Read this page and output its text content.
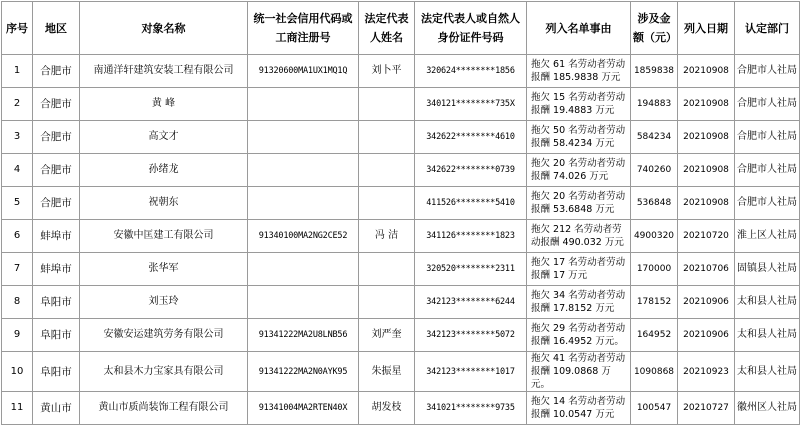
序号	地区	对象名称	统一社会信用代码或工商注册号	法定代表人姓名	法定代表人或自然人身份证件号码	列入名单事由	涉及金额（元）	列入日期	认定部门
1	合肥市	南通洋轩建筑安装工程有限公司	91320600MA1UX1MQ1Q	刘卜平	320624********1856	拖欠 61 名劳动者劳动报酬 185.9838 万元	1859838	20210908	合肥市人社局
2	合肥市	黄 峰			340121********735X	拖欠 15 名劳动者劳动报酬 19.4883 万元	194883	20210908	合肥市人社局
3	合肥市	高文才			342622********4610	拖欠 50 名劳动者劳动报酬 58.4234 万元	584234	20210908	合肥市人社局
4	合肥市	孙绪龙			342622********0739	拖欠 20 名劳动者劳动报酬 74.026 万元	740260	20210908	合肥市人社局
5	合肥市	祝朝东			411526********5410	拖欠 20 名劳动者劳动报酬 53.6848 万元	536848	20210908	合肥市人社局
6	蚌埠市	安徽中匡建工有限公司	91340100MA2NG2CE52	冯 洁	341126********1823	拖欠 212 名劳动者劳动报酬 490.032 万元	4900320	20210720	淮上区人社局
7	蚌埠市	张华军			320520********2311	拖欠 17 名劳动者劳动报酬 17 万元	170000	20210706	固镇县人社局
8	阜阳市	刘玉玲			342123********6244	拖欠 34 名劳动者劳动报酬 17.8152 万元	178152	20210906	太和县人社局
9	阜阳市	安徽安运建筑劳务有限公司	91341222MA2U8LNB56	刘严奎	342123********5072	拖欠 29 名劳动者劳动报酬 16.4952 万元。	164952	20210906	太和县人社局
10	阜阳市	太和县木力宝家具有限公司	91341222MA2N0AYK95	朱振星	342123********1017	拖欠 41 名劳动者劳动报酬 109.0868 万元。	1090868	20210923	太和县人社局
11	黄山市	黄山市质尚装饰工程有限公司	91341004MA2RTEN40X	胡发枝	341021********9735	拖欠 14 名劳动者劳动报酬 10.0547 万元	100547	20210727	徽州区人社局
